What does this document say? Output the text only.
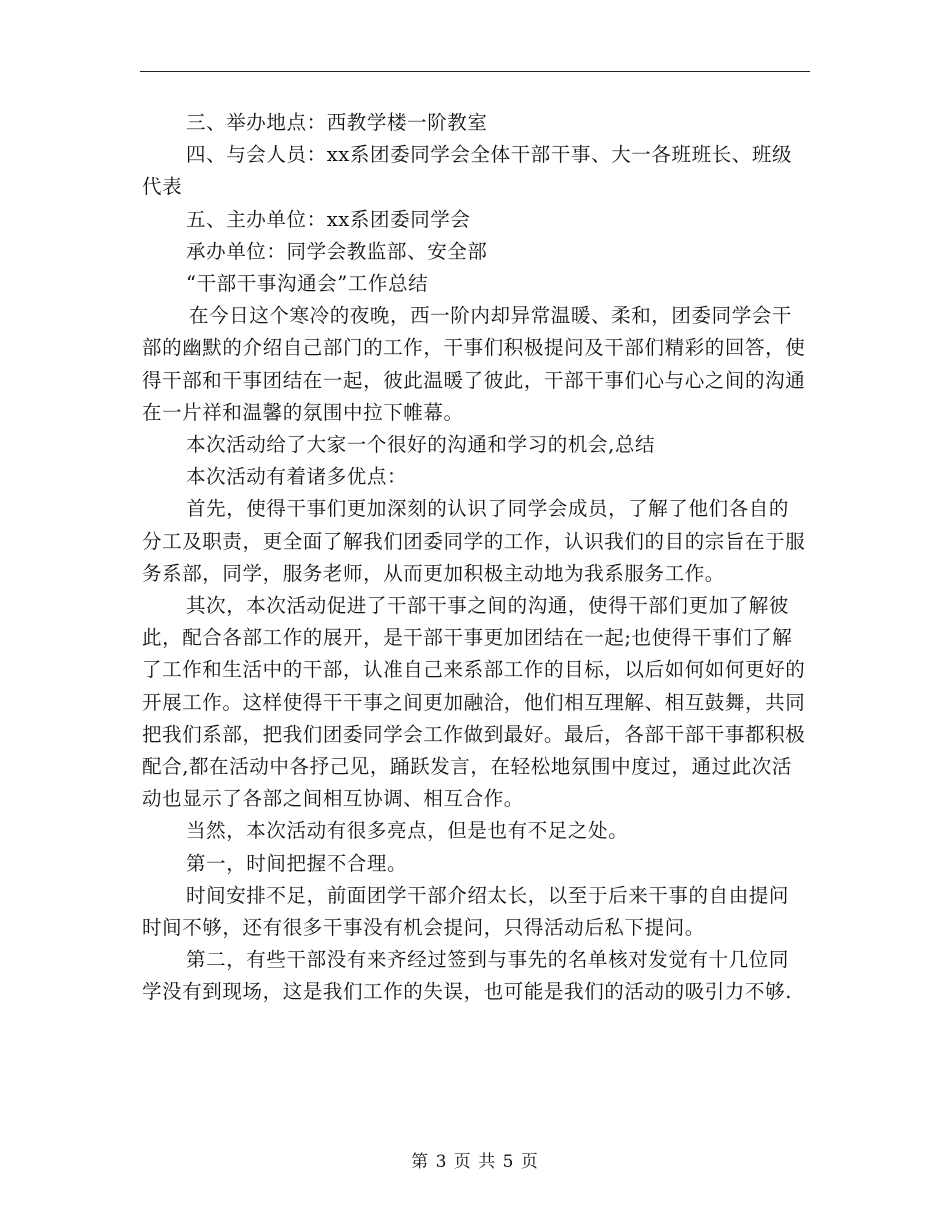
三、举办地点：西教学楼一阶教室

四、与会人员：xx系团委同学会全体干部干事、大一各班班长、班级代表

五、主办单位：xx系团委同学会

承办单位：同学会教监部、安全部

“干部干事沟通会”工作总结

在今日这个寒冷的夜晚，西一阶内却异常温暖、柔和，团委同学会干部的幽默的介绍自己部门的工作，干事们积极提问及干部们精彩的回答，使得干部和干事团结在一起，彼此温暖了彼此，干部干事们心与心之间的沟通在一片祥和温馨的氛围中拉下帷幕。

本次活动给了大家一个很好的沟通和学习的机会,总结

本次活动有着诸多优点：

首先，使得干事们更加深刻的认识了同学会成员，了解了他们各自的分工及职责，更全面了解我们团委同学的工作，认识我们的目的宗旨在于服务系部，同学，服务老师，从而更加积极主动地为我系服务工作。

其次，本次活动促进了干部干事之间的沟通，使得干部们更加了解彼此，配合各部工作的展开，是干部干事更加团结在一起;也使得干事们了解了工作和生活中的干部，认准自己来系部工作的目标，以后如何如何更好的开展工作。这样使得干干事之间更加融洽，他们相互理解、相互鼓舞，共同把我们系部，把我们团委同学会工作做到最好。最后，各部干部干事都积极配合,都在活动中各抒己见，踊跃发言，在轻松地氛围中度过，通过此次活动也显示了各部之间相互协调、相互合作。

当然，本次活动有很多亮点，但是也有不足之处。

第一，时间把握不合理。

时间安排不足，前面团学干部介绍太长，以至于后来干事的自由提问时间不够，还有很多干事没有机会提问，只得活动后私下提问。

第二，有些干部没有来齐经过签到与事先的名单核对发觉有十几位同学没有到现场，这是我们工作的失误，也可能是我们的活动的吸引力不够.

第 3 页 共 5 页
